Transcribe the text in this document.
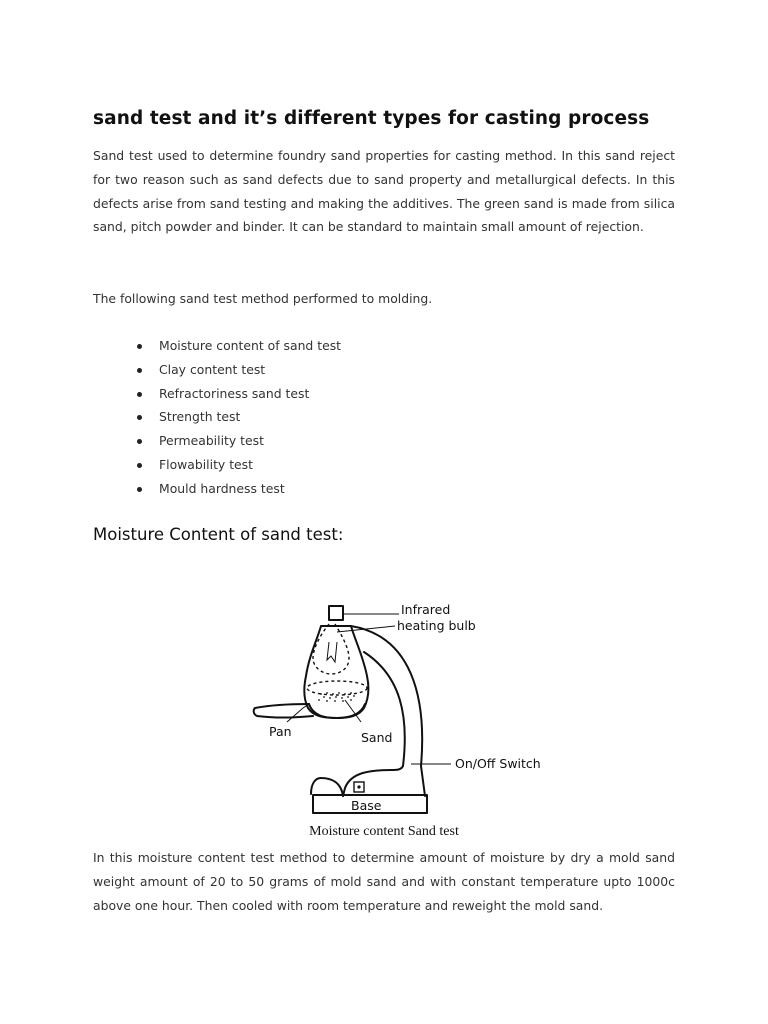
sand test and it’s different types for casting process

Sand test used to determine foundry sand properties for casting method. In this sand reject for two reason such as sand defects due to sand property and metallurgical defects. In this defects arise from sand testing and making the additives. The green sand is made from silica sand, pitch powder and binder. It can be standard to maintain small amount of rejection.

The following sand test method performed to molding.

Moisture content of sand test
Clay content test
Refractoriness sand test
Strength test
Permeability test
Flowability test
Mould hardness test
Moisture Content of sand test:
Infrared
heating bulb
Pan	Sand
On/Off Switch
Base
Moisture content Sand test

In this moisture content test method to determine amount of moisture by dry a mold sand weight amount of 20 to 50 grams of mold sand and with constant temperature upto 1000c above one hour. Then cooled with room temperature and reweight the mold sand.
